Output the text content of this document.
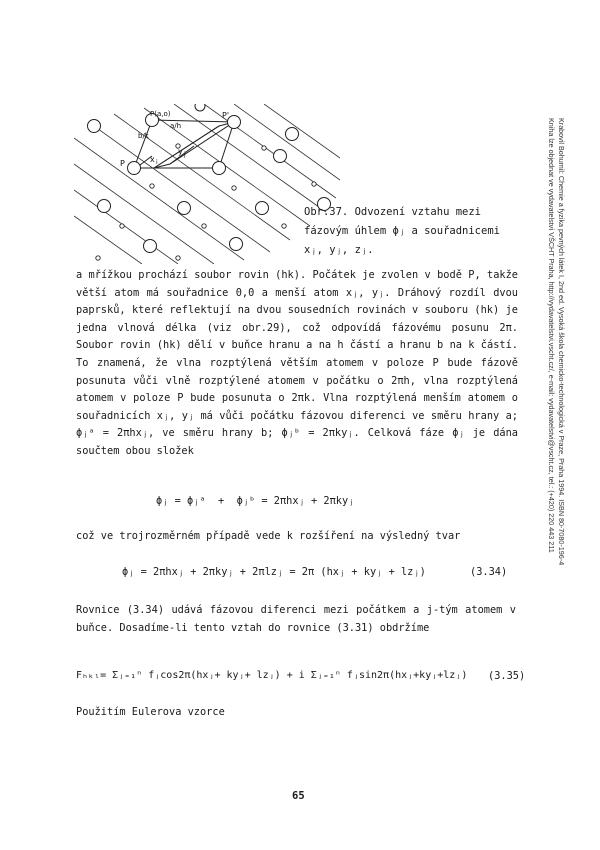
P
P'
P(a,o)
b/k
a/h
x i
y j
Obr.37. Odvození vztahu mezi
fázovým úhlem ϕⱼ a souřadnicemi
xⱼ, yⱼ, zⱼ.

a mřížkou prochází soubor rovin (hk). Počátek je zvolen v bodě P, takže větší atom má souřadnice 0,0 a menší atom xⱼ, yⱼ. Dráhový rozdíl dvou paprsků, které reflektují na dvou sousedních rovinách v souboru (hk) je jedna vlnová délka (viz obr.29), což odpovídá fázovému posunu 2π. Soubor rovin (hk) dělí v buňce hranu a na h částí a hranu b na k částí. To znamená, že vlna rozptýlená větším atomem v poloze P bude fázově posunuta vůči vlně rozptýlené atomem v počátku o 2πh, vlna rozptýlená atomem v poloze P bude posunuta o 2πk. Vlna rozptýlená menším atomem o souřadnicích xⱼ, yⱼ má vůči počátku fázovou diferenci ve směru hrany a; ϕⱼᵃ = 2πhxⱼ, ve směru hrany b; ϕⱼᵇ = 2πkyⱼ. Celková fáze ϕⱼ je dána součtem obou složek

ϕⱼ = ϕⱼᵃ  +  ϕⱼᵇ = 2πhxⱼ + 2πkyⱼ
což ve trojrozměrném případě vede k rozšíření na výsledný tvar
ϕⱼ = 2πhxⱼ + 2πkyⱼ + 2πlzⱼ = 2π (hxⱼ + kyⱼ + lzⱼ)	(3.34)
Rovnice (3.34) udává fázovou diferenci mezi počátkem a j-tým atomem v buňce. Dosadíme-li tento vztah do rovnice (3.31) obdržíme
Fₕₖₗ= Σⱼ₌₁ⁿ fⱼcos2π(hxⱼ+ kyⱼ+ lzⱼ) + i Σⱼ₌₁ⁿ fⱼsin2π(hxⱼ+kyⱼ+lzⱼ) (3.35)
Použitím Eulerova vzorce
65
Krabovil Bohumil: Chemie a fyzika pevných látek I, 2nd ed. Vysoká škola chemicko-technologická v Praze, Praha 1994. ISBN 80-7080-196-4
Kniha lze objednat ve vydavatelství VŠCHT Praha, http://vydavatelstvi.vscht.cz/, e-mail: vydavatelstvi@vscht.cz, tel.: (+420) 220 443 211
